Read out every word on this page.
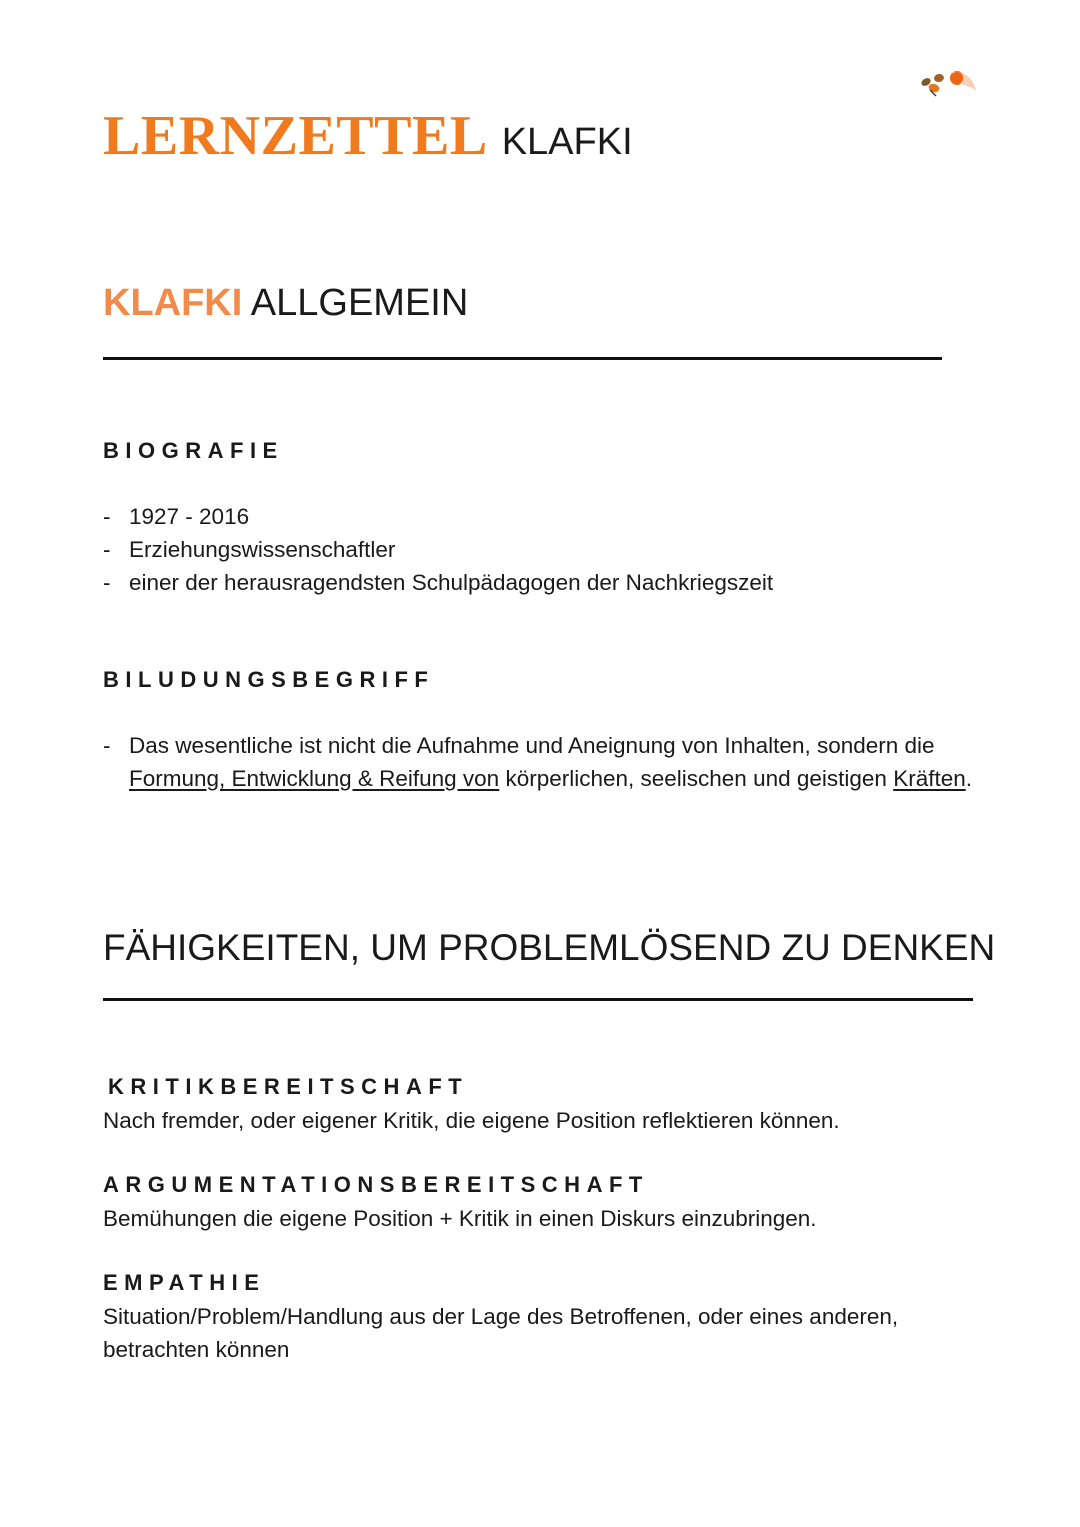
LERNZETTEL KLAFKI
KLAFKI ALLGEMEIN
BIOGRAFIE
- 1927 - 2016
- Erziehungswissenschaftler
- einer der herausragendsten Schulpädagogen der Nachkriegszeit
BILUDUNGSBEGRIFF
- Das wesentliche ist nicht die Aufnahme und Aneignung von Inhalten, sondern die Formung, Entwicklung & Reifung von körperlichen, seelischen und geistigen Kräften.
FÄHIGKEITEN, UM PROBLEMLÖSEND ZU DENKEN
KRITIKBEREITSCHAFT
Nach fremder, oder eigener Kritik, die eigene Position reflektieren können.
ARGUMENTATIONSBEREITSCHAFT
Bemühungen die eigene Position + Kritik in einen Diskurs einzubringen.
EMPATHIE
Situation/Problem/Handlung aus der Lage des Betroffenen, oder eines anderen, betrachten können
